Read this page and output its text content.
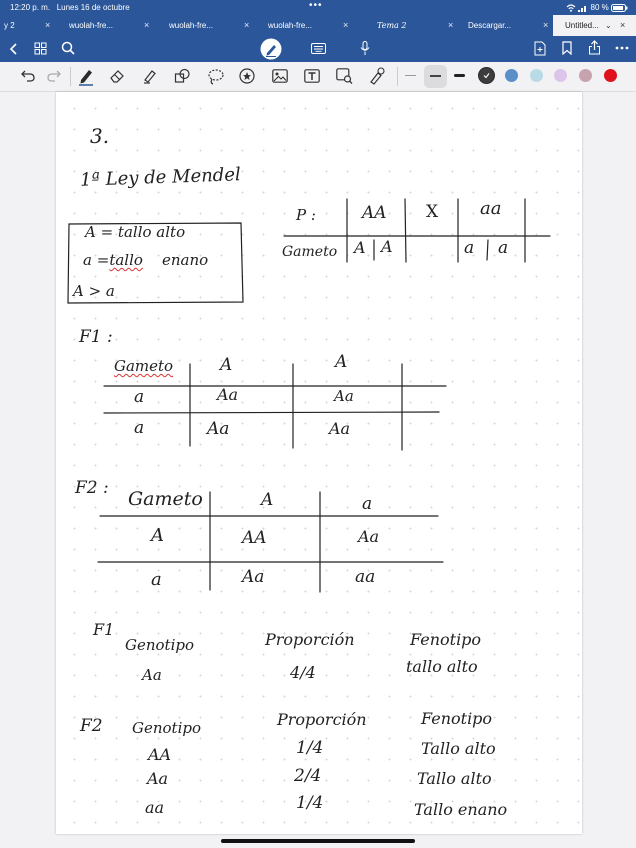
12:20 p. m. Lunes 16 de octubre	•••	80 %
y 2	× wuolah-fre...	× wuolah-fre...	× wuolah-fre...	×	Tema 2	× Descargar...	× Untitled... ⌄ ×
3.
1ª Ley de Mendel
A = tallo alto
a =tallo enano
A > a
P :	AA X aa
Gameto A A	a a
F1 :
Gameto	A	A
a	Aa	Aa
a	Aa	Aa
F2 : Gameto	A	a
A	AA	Aa
a	Aa	aa
F1
Genotipo	Proporción	Fenotipo
Aa	4/4	tallo alto
F2 Genotipo	Proporción	Fenotipo
AA	1/4	Tallo alto
Aa	2/4	Tallo alto
aa	1/4	Tallo enano
